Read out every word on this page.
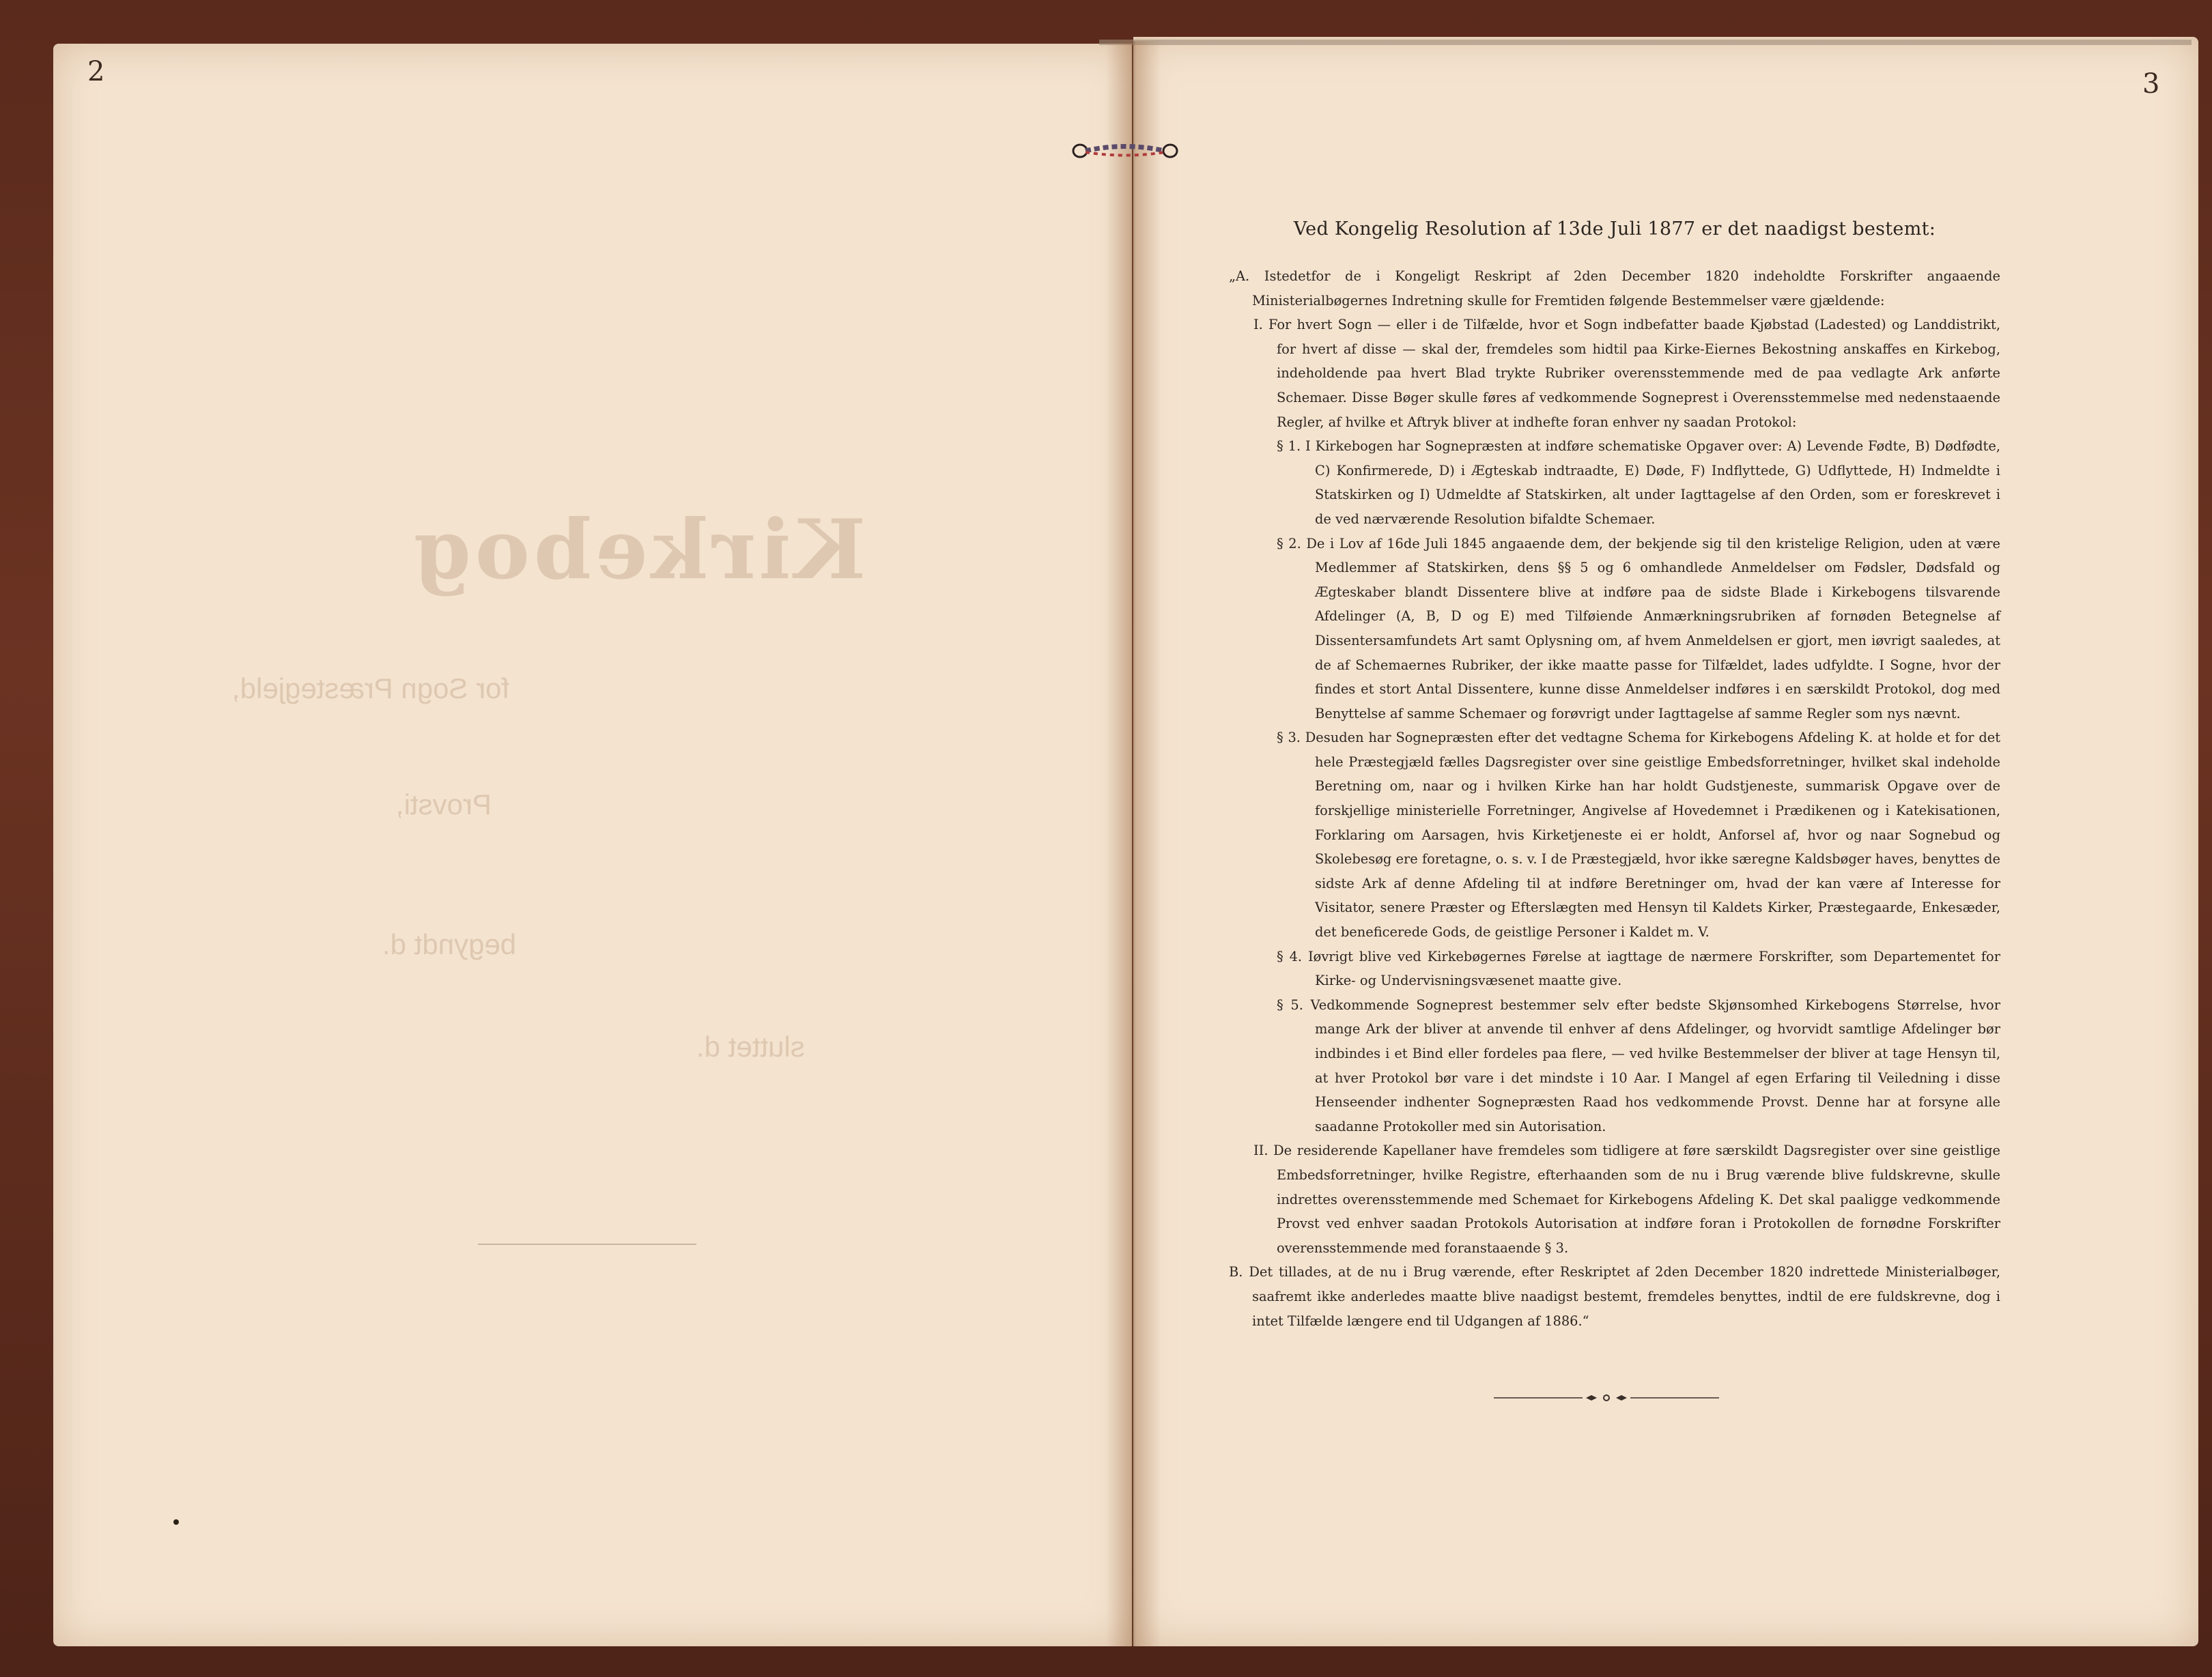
2	3
Kirkebog
for Sogn Præstegjeld,
Provsti,
begyndt d.
sluttet d.

Ved Kongelig Resolution af 13de Juli 1877 er det naadigst bestemt:

„A. Istedetfor de i Kongeligt Reskript af 2den December 1820 indeholdte Forskrifter angaaende Ministerialbøgernes Indretning skulle for Fremtiden følgende Bestemmelser være gjældende:

I. For hvert Sogn — eller i de Tilfælde, hvor et Sogn indbefatter baade Kjøbstad (Ladested) og Landdistrikt, for hvert af disse — skal der, fremdeles som hidtil paa Kirke-Eiernes Bekostning anskaffes en Kirkebog, indeholdende paa hvert Blad trykte Rubriker overensstemmende med de paa vedlagte Ark anførte Schemaer. Disse Bøger skulle føres af vedkommende Sogneprest i Overensstemmelse med nedenstaaende Regler, af hvilke et Aftryk bliver at indhefte foran enhver ny saadan Protokol:

§ 1. I Kirkebogen har Sognepræsten at indføre schematiske Opgaver over: A) Levende Fødte, B) Dødfødte, C) Konfirmerede, D) i Ægteskab indtraadte, E) Døde, F) Indflyttede, G) Udflyttede, H) Indmeldte i Statskirken og I) Udmeldte af Statskirken, alt under Iagttagelse af den Orden, som er foreskrevet i de ved nærværende Resolution bifaldte Schemaer.

§ 2. De i Lov af 16de Juli 1845 angaaende dem, der bekjende sig til den kristelige Religion, uden at være Medlemmer af Statskirken, dens §§ 5 og 6 omhandlede Anmeldelser om Fødsler, Dødsfald og Ægteskaber blandt Dissentere blive at indføre paa de sidste Blade i Kirkebogens tilsvarende Afdelinger (A, B, D og E) med Tilføiende Anmærkningsrubriken af fornøden Betegnelse af Dissentersamfundets Art samt Oplysning om, af hvem Anmeldelsen er gjort, men iøvrigt saaledes, at de af Schemaernes Rubriker, der ikke maatte passe for Tilfældet, lades udfyldte. I Sogne, hvor der findes et stort Antal Dissentere, kunne disse Anmeldelser indføres i en særskildt Protokol, dog med Benyttelse af samme Schemaer og forøvrigt under Iagttagelse af samme Regler som nys nævnt.

§ 3. Desuden har Sognepræsten efter det vedtagne Schema for Kirkebogens Afdeling K. at holde et for det hele Præstegjæld fælles Dagsregister over sine geistlige Embedsforretninger, hvilket skal indeholde Beretning om, naar og i hvilken Kirke han har holdt Gudstjeneste, summarisk Opgave over de forskjellige ministerielle Forretninger, Angivelse af Hovedemnet i Prædikenen og i Katekisationen, Forklaring om Aarsagen, hvis Kirketjeneste ei er holdt, Anforsel af, hvor og naar Sognebud og Skolebesøg ere foretagne, o. s. v. I de Præstegjæld, hvor ikke særegne Kaldsbøger haves, benyttes de sidste Ark af denne Afdeling til at indføre Beretninger om, hvad der kan være af Interesse for Visitator, senere Præster og Efterslægten med Hensyn til Kaldets Kirker, Præstegaarde, Enkesæder, det beneficerede Gods, de geistlige Personer i Kaldet m. V.

§ 4. Iøvrigt blive ved Kirkebøgernes Førelse at iagttage de nærmere Forskrifter, som Departementet for Kirke- og Undervisningsvæsenet maatte give.

§ 5. Vedkommende Sogneprest bestemmer selv efter bedste Skjønsomhed Kirkebogens Størrelse, hvor mange Ark der bliver at anvende til enhver af dens Afdelinger, og hvorvidt samtlige Afdelinger bør indbindes i et Bind eller fordeles paa flere, — ved hvilke Bestemmelser der bliver at tage Hensyn til, at hver Protokol bør vare i det mindste i 10 Aar. I Mangel af egen Erfaring til Veiledning i disse Henseender indhenter Sognepræsten Raad hos vedkommende Provst. Denne har at forsyne alle saadanne Protokoller med sin Autorisation.

II. De residerende Kapellaner have fremdeles som tidligere at føre særskildt Dagsregister over sine geistlige Embedsforretninger, hvilke Registre, efterhaanden som de nu i Brug værende blive fuldskrevne, skulle indrettes overensstemmende med Schemaet for Kirkebogens Afdeling K. Det skal paaligge vedkommende Provst ved enhver saadan Protokols Autorisation at indføre foran i Protokollen de fornødne Forskrifter overensstemmende med foranstaaende § 3.

B. Det tillades, at de nu i Brug værende, efter Reskriptet af 2den December 1820 indrettede Ministerialbøger, saafremt ikke anderledes maatte blive naadigst bestemt, fremdeles benyttes, indtil de ere fuldskrevne, dog i intet Tilfælde længere end til Udgangen af 1886.“
